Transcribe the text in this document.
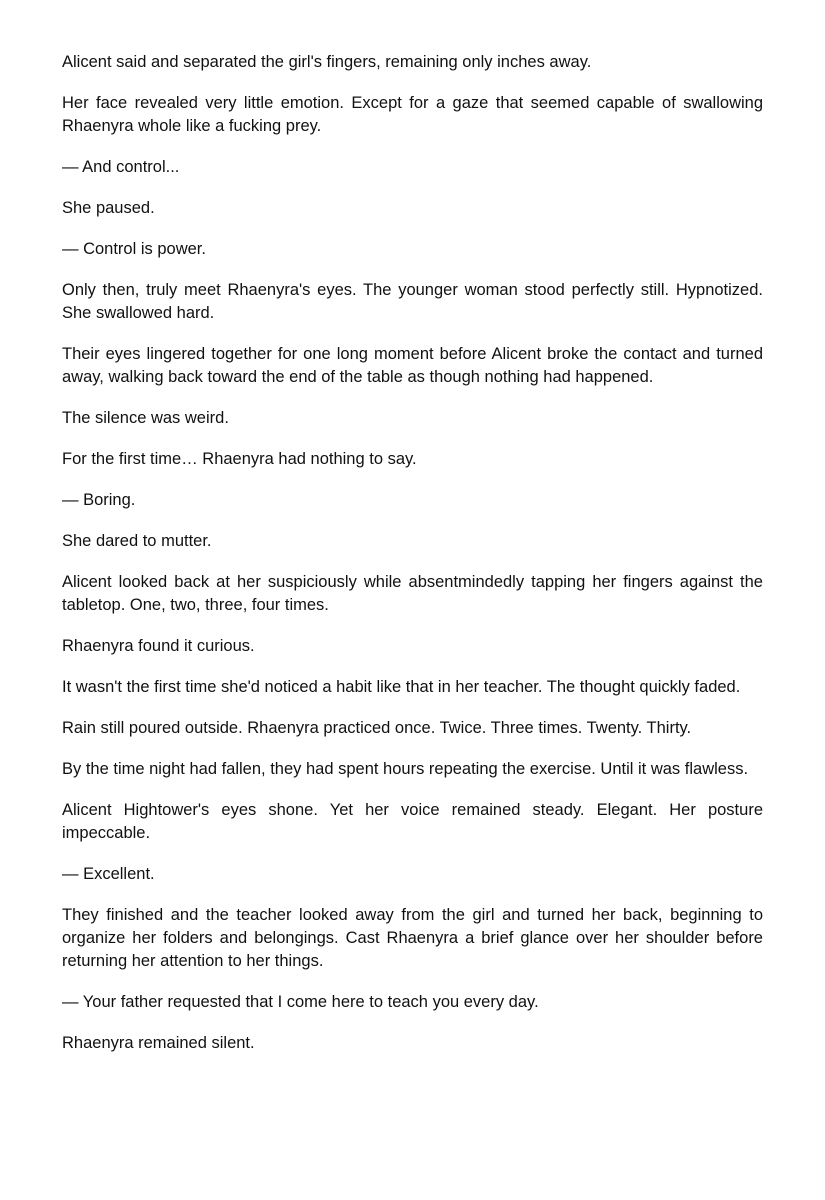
Alicent said and separated the girl's fingers, remaining only inches away.

Her face revealed very little emotion. Except for a gaze that seemed capable of swallowing Rhaenyra whole like a fucking prey.

— And control...

She paused.

— Control is power.

Only then, truly meet Rhaenyra's eyes. The younger woman stood perfectly still. Hypnotized. She swallowed hard.

Their eyes lingered together for one long moment before Alicent broke the contact and turned away, walking back toward the end of the table as though nothing had happened.

The silence was weird.

For the first time… Rhaenyra had nothing to say.

— Boring.

She dared to mutter.

Alicent looked back at her suspiciously while absentmindedly tapping her fingers against the tabletop. One, two, three, four times.

Rhaenyra found it curious.

It wasn't the first time she'd noticed a habit like that in her teacher. The thought quickly faded.

Rain still poured outside. Rhaenyra practiced once. Twice. Three times. Twenty. Thirty.

By the time night had fallen, they had spent hours repeating the exercise. Until it was flawless.

Alicent Hightower's eyes shone. Yet her voice remained steady. Elegant. Her posture impeccable.

— Excellent.

They finished and the teacher looked away from the girl and turned her back, beginning to organize her folders and belongings. Cast Rhaenyra a brief glance over her shoulder before returning her attention to her things.

— Your father requested that I come here to teach you every day.

Rhaenyra remained silent.
